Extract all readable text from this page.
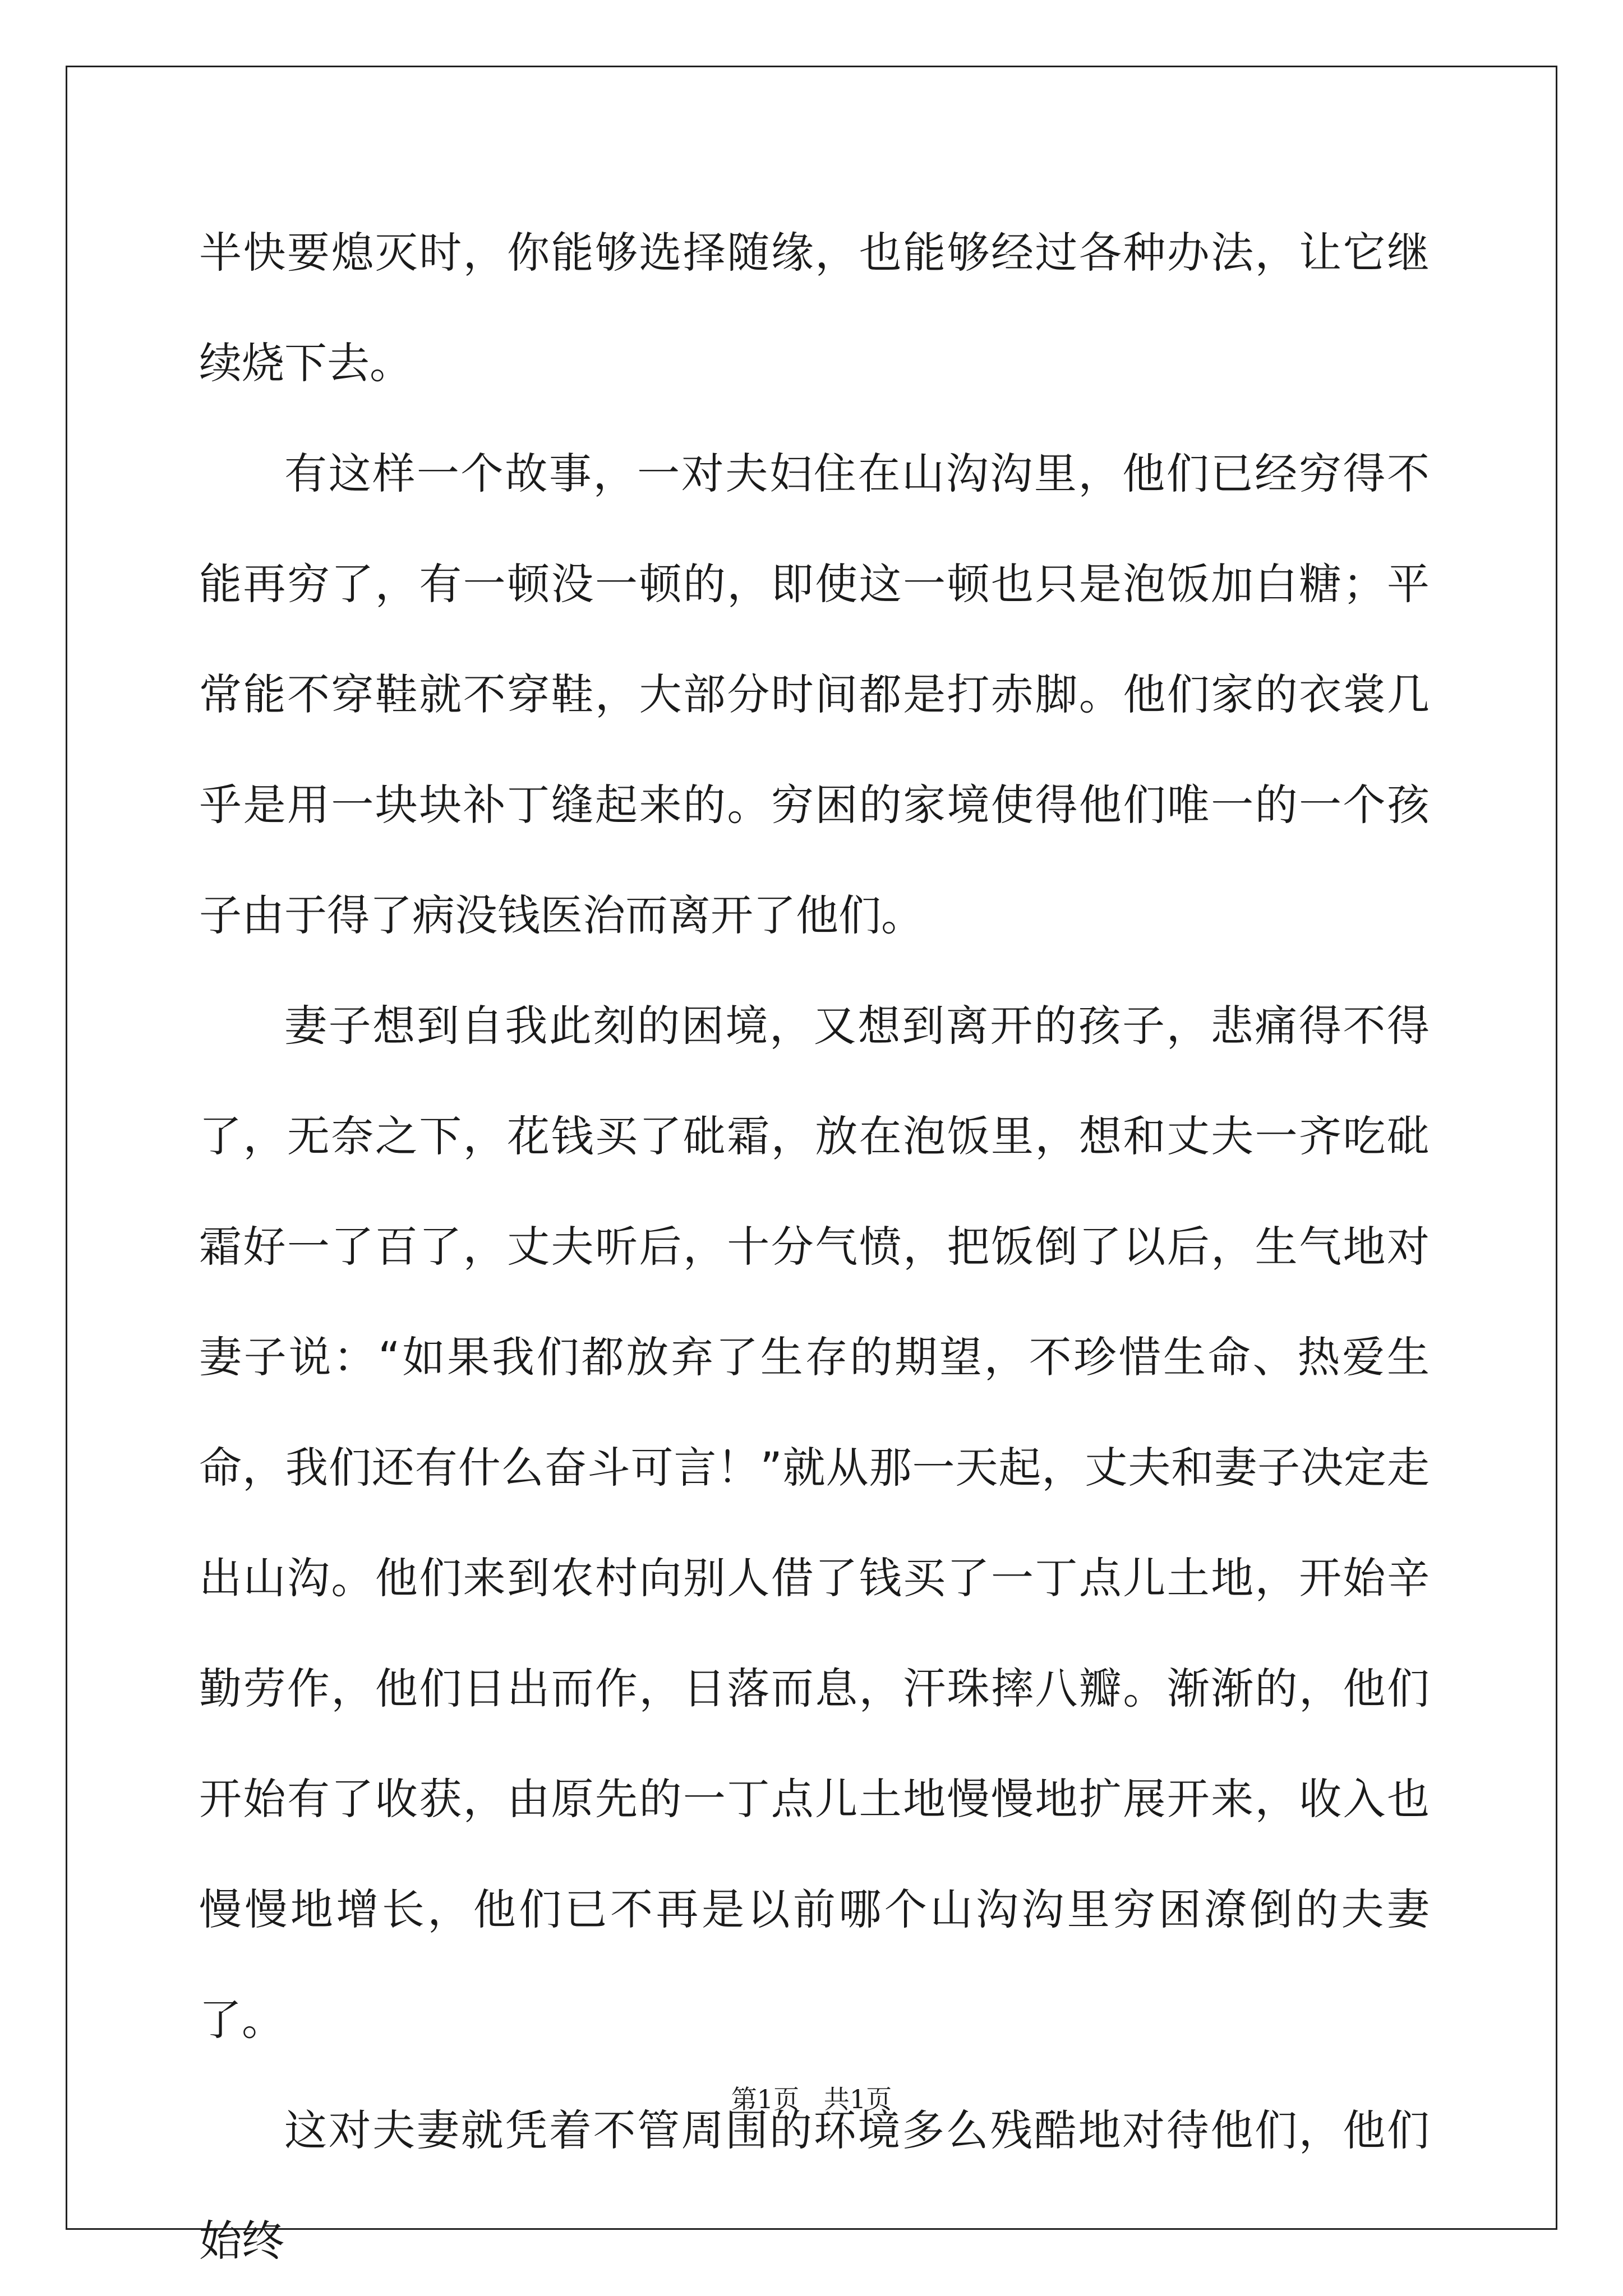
半快要熄灭时，你能够选择随缘，也能够经过各种办法，让它继续烧下去。

有这样一个故事，一对夫妇住在山沟沟里，他们已经穷得不能再穷了，有一顿没一顿的，即使这一顿也只是泡饭加白糖；平常能不穿鞋就不穿鞋，大部分时间都是打赤脚。他们家的衣裳几乎是用一块块补丁缝起来的。穷困的家境使得他们唯一的一个孩子由于得了病没钱医治而离开了他们。

妻子想到自我此刻的困境，又想到离开的孩子，悲痛得不得了，无奈之下，花钱买了砒霜，放在泡饭里，想和丈夫一齐吃砒霜好一了百了，丈夫听后，十分气愤，把饭倒了以后，生气地对妻子说：“如果我们都放弃了生存的期望，不珍惜生命、热爱生命，我们还有什么奋斗可言！”就从那一天起，丈夫和妻子决定走出山沟。他们来到农村向别人借了钱买了一丁点儿土地，开始辛勤劳作，他们日出而作，日落而息，汗珠摔八瓣。渐渐的，他们开始有了收获，由原先的一丁点儿土地慢慢地扩展开来，收入也慢慢地增长，他们已不再是以前哪个山沟沟里穷困潦倒的夫妻了。

这对夫妻就凭着不管周围的环境多么残酷地对待他们，他们始终

第1页   共1页
